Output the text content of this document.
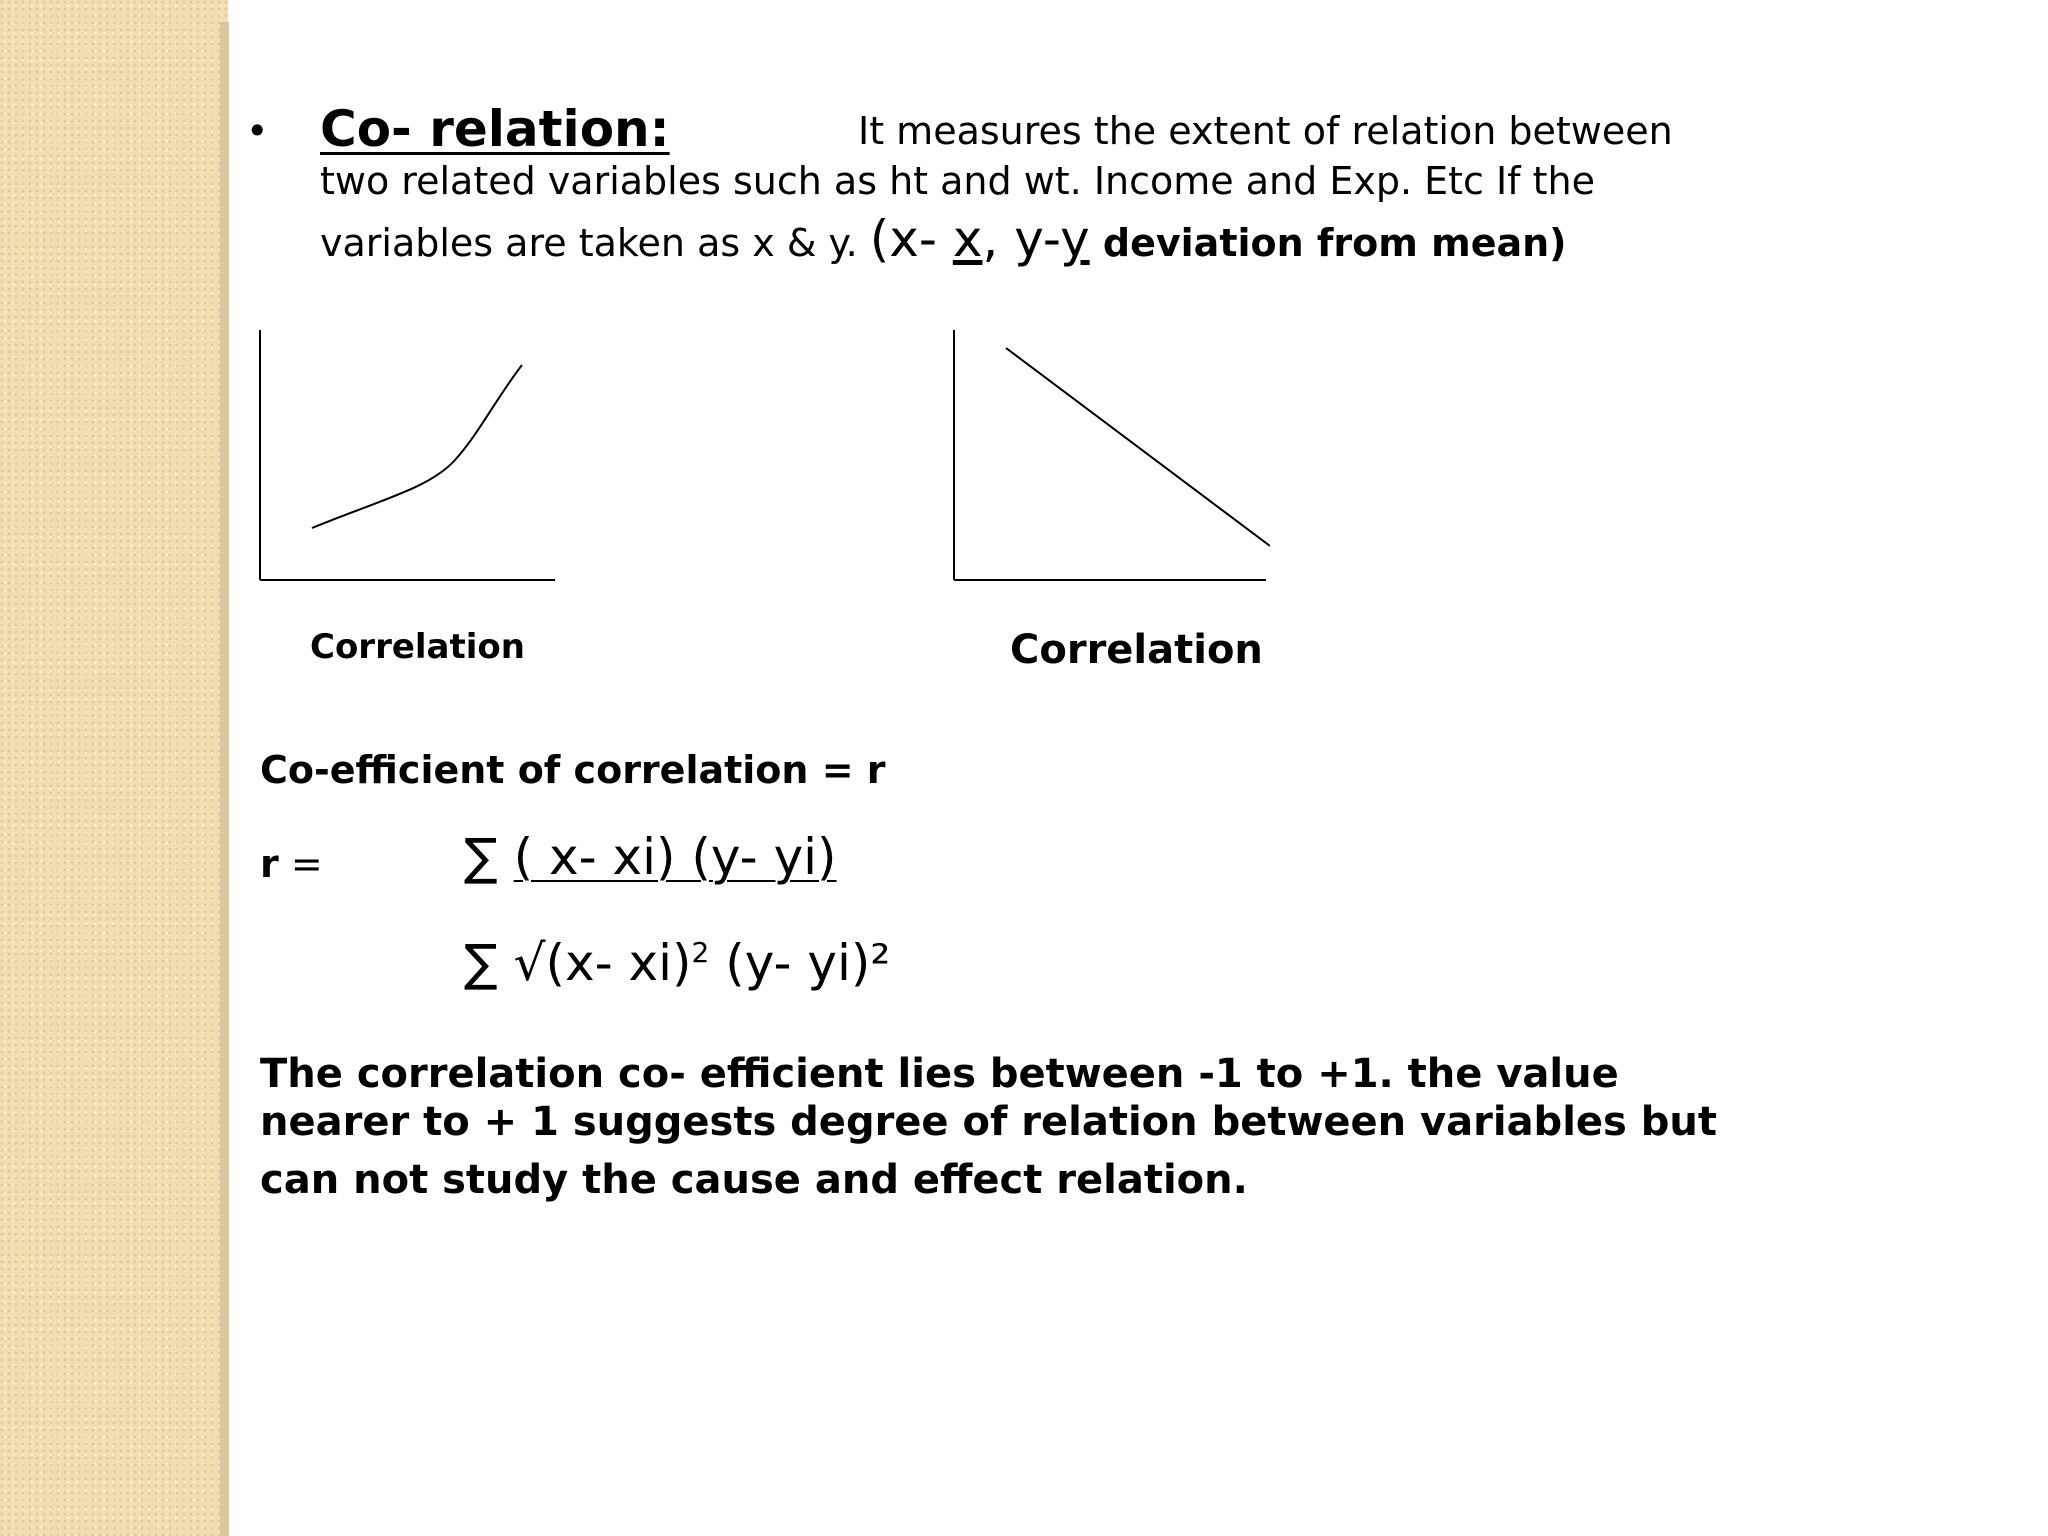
• Co- relation:	It measures the extent of relation between
two related variables such as ht and wt. Income and Exp. Etc If the
variables are taken as x & y. (x- x, y-y deviation from mean)
Correlation	Correlation
Co-efficient of correlation = r
r =	∑ ( x- xi) (y- yi)
∑ √(x- xi)$^2$ (y- yi)²
The correlation co- efficient lies between -1 to +1. the value
nearer to + 1 suggests degree of relation between variables but
can not study the cause and effect relation.
